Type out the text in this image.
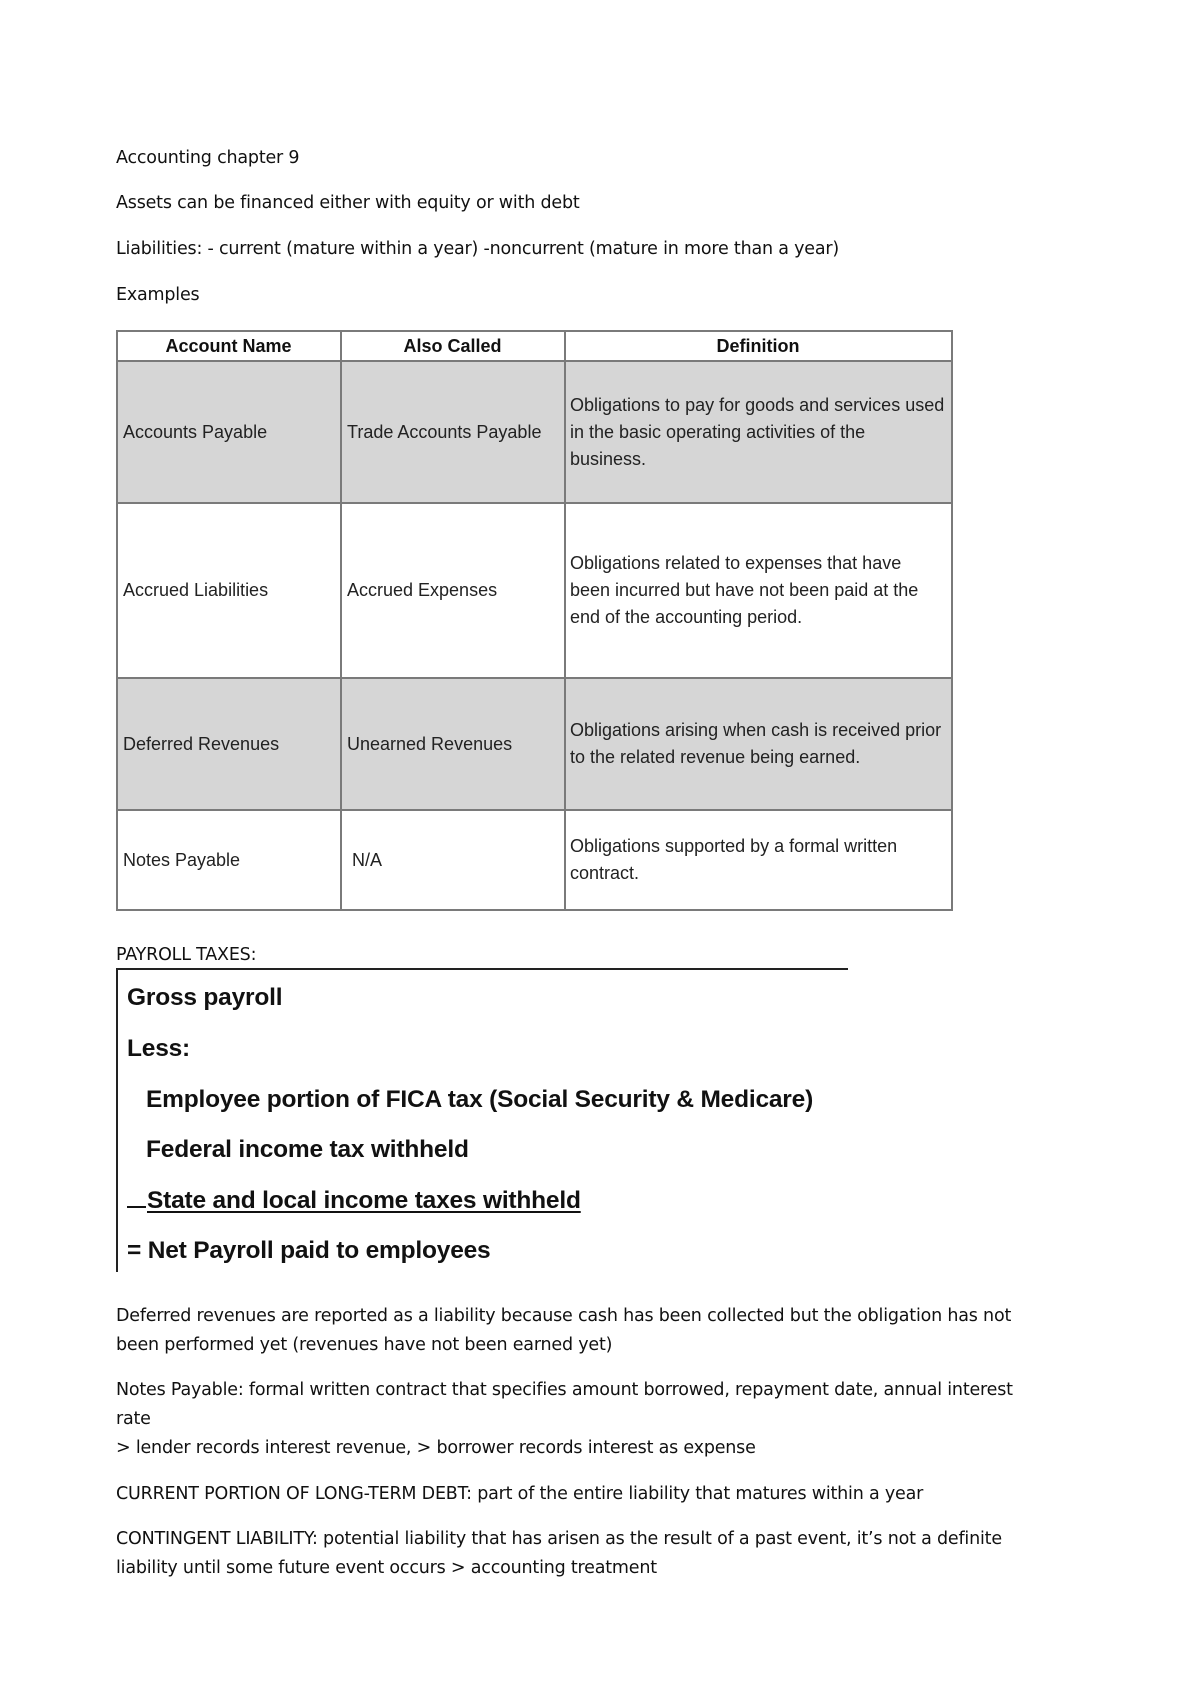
Accounting chapter 9
Assets can be financed either with equity or with debt
Liabilities: - current (mature within a year) -noncurrent (mature in more than a year)
Examples
Account Name	Also Called	Definition
Accounts Payable	Trade Accounts Payable	Obligations to pay for goods and services used in the basic operating activities of the business.
Accrued Liabilities	Accrued Expenses	Obligations related to expenses that have been incurred but have not been paid at the end of the accounting period.
Deferred Revenues	Unearned Revenues	Obligations arising when cash is received prior to the related revenue being earned.
Notes Payable	N/A	Obligations supported by a formal written contract.
PAYROLL TAXES:
Gross payroll
Less:
Employee portion of FICA tax (Social Security & Medicare)
Federal income tax withheld
State and local income taxes withheld
= Net Payroll paid to employees
Deferred revenues are reported as a liability because cash has been collected but the obligation has not
been performed yet (revenues have not been earned yet)
Notes Payable: formal written contract that specifies amount borrowed, repayment date, annual interest
rate
> lender records interest revenue, > borrower records interest as expense
CURRENT PORTION OF LONG-TERM DEBT: part of the entire liability that matures within a year
CONTINGENT LIABILITY: potential liability that has arisen as the result of a past event, it’s not a definite
liability until some future event occurs > accounting treatment
